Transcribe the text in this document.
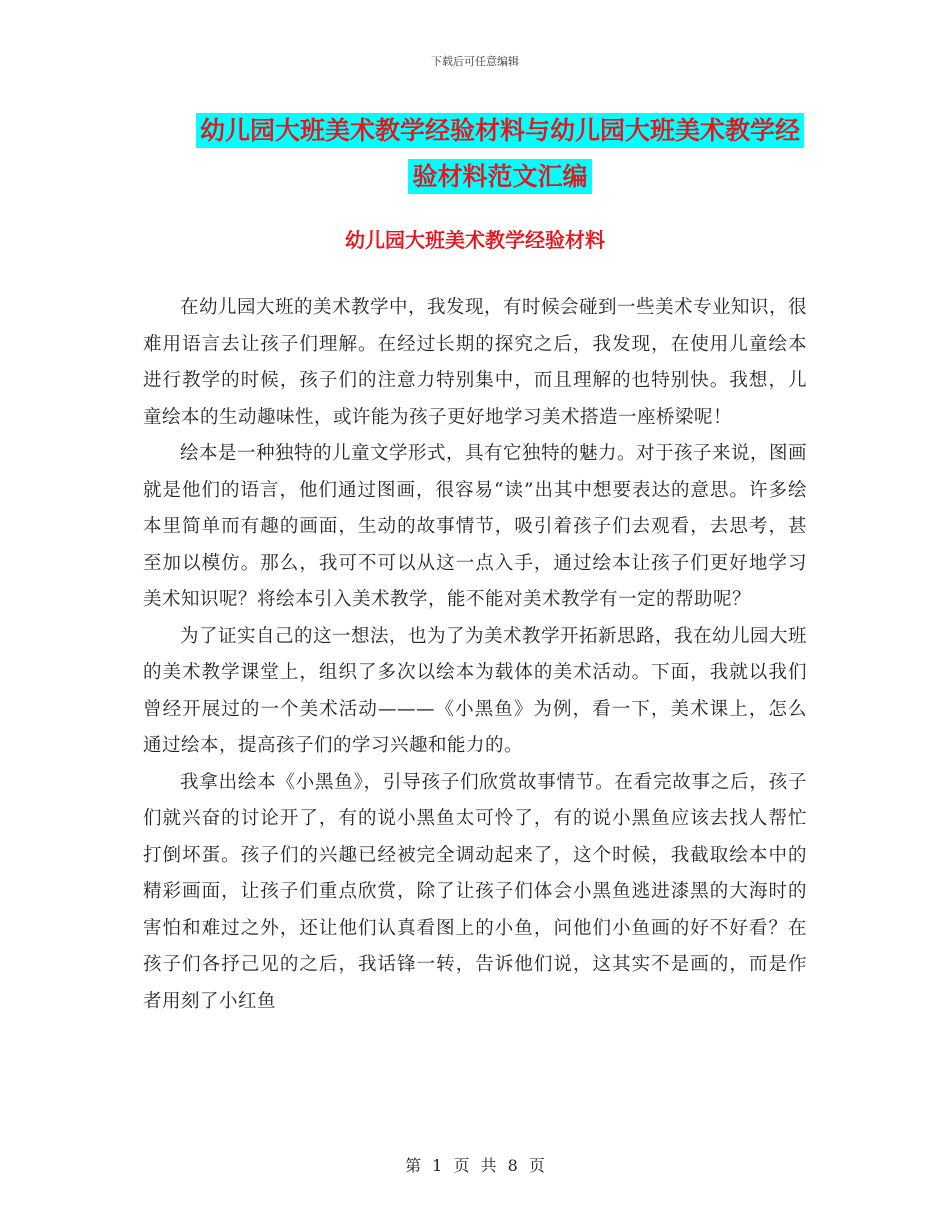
下载后可任意编辑
幼儿园大班美术教学经验材料与幼儿园大班美术教学经验材料范文汇编
幼儿园大班美术教学经验材料

在幼儿园大班的美术教学中，我发现，有时候会碰到一些美术专业知识，很难用语言去让孩子们理解。在经过长期的探究之后，我发现，在使用儿童绘本进行教学的时候，孩子们的注意力特别集中，而且理解的也特别快。我想，儿童绘本的生动趣味性，或许能为孩子更好地学习美术搭造一座桥梁呢！

绘本是一种独特的儿童文学形式，具有它独特的魅力。对于孩子来说，图画就是他们的语言，他们通过图画，很容易“读”出其中想要表达的意思。许多绘本里简单而有趣的画面，生动的故事情节，吸引着孩子们去观看，去思考，甚至加以模仿。那么，我可不可以从这一点入手，通过绘本让孩子们更好地学习美术知识呢？将绘本引入美术教学，能不能对美术教学有一定的帮助呢？

为了证实自己的这一想法，也为了为美术教学开拓新思路，我在幼儿园大班的美术教学课堂上，组织了多次以绘本为载体的美术活动。下面，我就以我们曾经开展过的一个美术活动———《小黑鱼》为例，看一下，美术课上，怎么通过绘本，提高孩子们的学习兴趣和能力的。

我拿出绘本《小黑鱼》，引导孩子们欣赏故事情节。在看完故事之后，孩子们就兴奋的讨论开了，有的说小黑鱼太可怜了，有的说小黑鱼应该去找人帮忙打倒坏蛋。孩子们的兴趣已经被完全调动起来了，这个时候，我截取绘本中的精彩画面，让孩子们重点欣赏，除了让孩子们体会小黑鱼逃进漆黑的大海时的害怕和难过之外，还让他们认真看图上的小鱼，问他们小鱼画的好不好看？在孩子们各抒己见的之后，我话锋一转，告诉他们说，这其实不是画的，而是作者用刻了小红鱼

第 1 页 共 8 页
